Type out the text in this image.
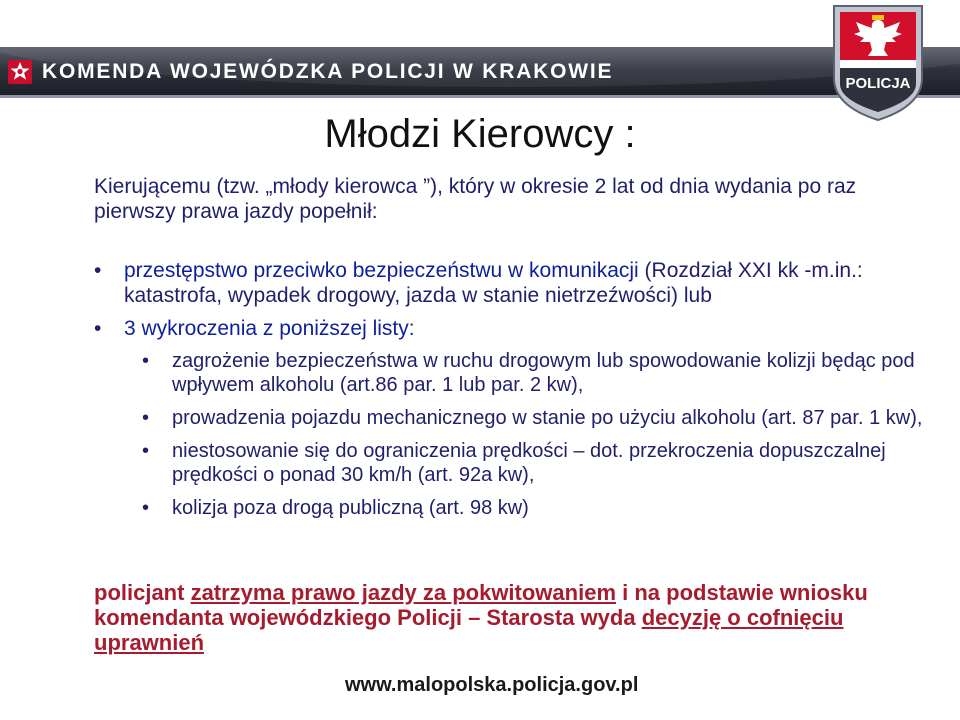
KOMENDA WOJEWÓDZKA POLICJI W KRAKOWIE
POLICJA
Młodzi Kierowcy :
Kierującemu (tzw. „młody kierowca ”), który w okresie 2 lat od dnia wydania po raz pierwszy prawa jazdy popełnił:
• przestępstwo przeciwko bezpieczeństwu w komunikacji (Rozdział XXI kk -m.in.: katastrofa, wypadek drogowy, jazda w stanie nietrzeźwości) lub
• 3 wykroczenia z poniższej listy:
• zagrożenie bezpieczeństwa w ruchu drogowym lub spowodowanie kolizji będąc pod wpływem alkoholu (art.86 par. 1 lub par. 2 kw),
• prowadzenia pojazdu mechanicznego w stanie po użyciu alkoholu (art. 87 par. 1 kw),
• niestosowanie się do ograniczenia prędkości – dot. przekroczenia dopuszczalnej prędkości o ponad 30 km/h (art. 92a kw),
• kolizja poza drogą publiczną (art. 98 kw)
policjant zatrzyma prawo jazdy za pokwitowaniem i na podstawie wniosku komendanta wojewódzkiego Policji – Starosta wyda decyzję o cofnięciu uprawnień
www.malopolska.policja.gov.pl
